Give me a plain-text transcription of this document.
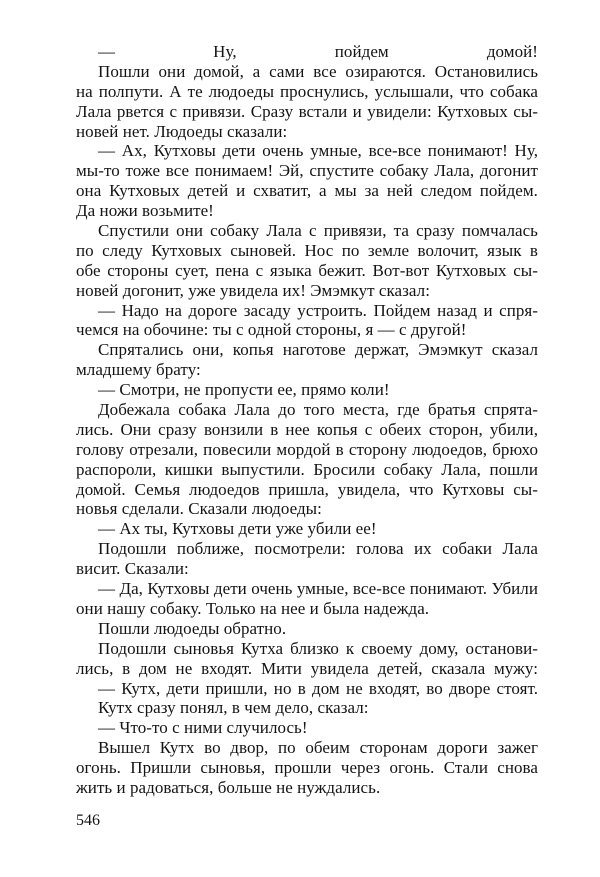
— Ну, пойдем домой!
Пошли они домой, а сами все озираются. Остановились
на полпути. А те людоеды проснулись, услышали, что собака
Лала рвется с привязи. Сразу встали и увидели: Кутховых сы-
новей нет. Людоеды сказали:
— Ах, Кутховы дети очень умные, все-все понимают! Ну,
мы-то тоже все понимаем! Эй, спустите собаку Лала, догонит
она Кутховых детей и схватит, а мы за ней следом пойдем.
Да ножи возьмите!
Спустили они собаку Лала с привязи, та сразу помчалась
по следу Кутховых сыновей. Нос по земле волочит, язык в
обе стороны сует, пена с языка бежит. Вот-вот Кутховых сы-
новей догонит, уже увидела их! Эмэмкут сказал:
— Надо на дороге засаду устроить. Пойдем назад и спря-
чемся на обочине: ты с одной стороны, я — с другой!
Спрятались они, копья наготове держат, Эмэмкут сказал
младшему брату:
— Смотри, не пропусти ее, прямо коли!
Добежала собака Лала до того места, где братья спрята-
лись. Они сразу вонзили в нее копья с обеих сторон, убили,
голову отрезали, повесили мордой в сторону людоедов, брюхо
распороли, кишки выпустили. Бросили собаку Лала, пошли
домой. Семья людоедов пришла, увидела, что Кутховы сы-
новья сделали. Сказали людоеды:
— Ах ты, Кутховы дети уже убили ее!
Подошли поближе, посмотрели: голова их собаки Лала
висит. Сказали:
— Да, Кутховы дети очень умные, все-все понимают. Убили
они нашу собаку. Только на нее и была надежда.
Пошли людоеды обратно.
Подошли сыновья Кутха близко к своему дому, останови-
лись, в дом не входят. Мити увидела детей, сказала мужу:
— Кутх, дети пришли, но в дом не входят, во дворе стоят.
Кутх сразу понял, в чем дело, сказал:
— Что-то с ними случилось!
Вышел Кутх во двор, по обеим сторонам дороги зажег
огонь. Пришли сыновья, прошли через огонь. Стали снова
жить и радоваться, больше не нуждались.
546
